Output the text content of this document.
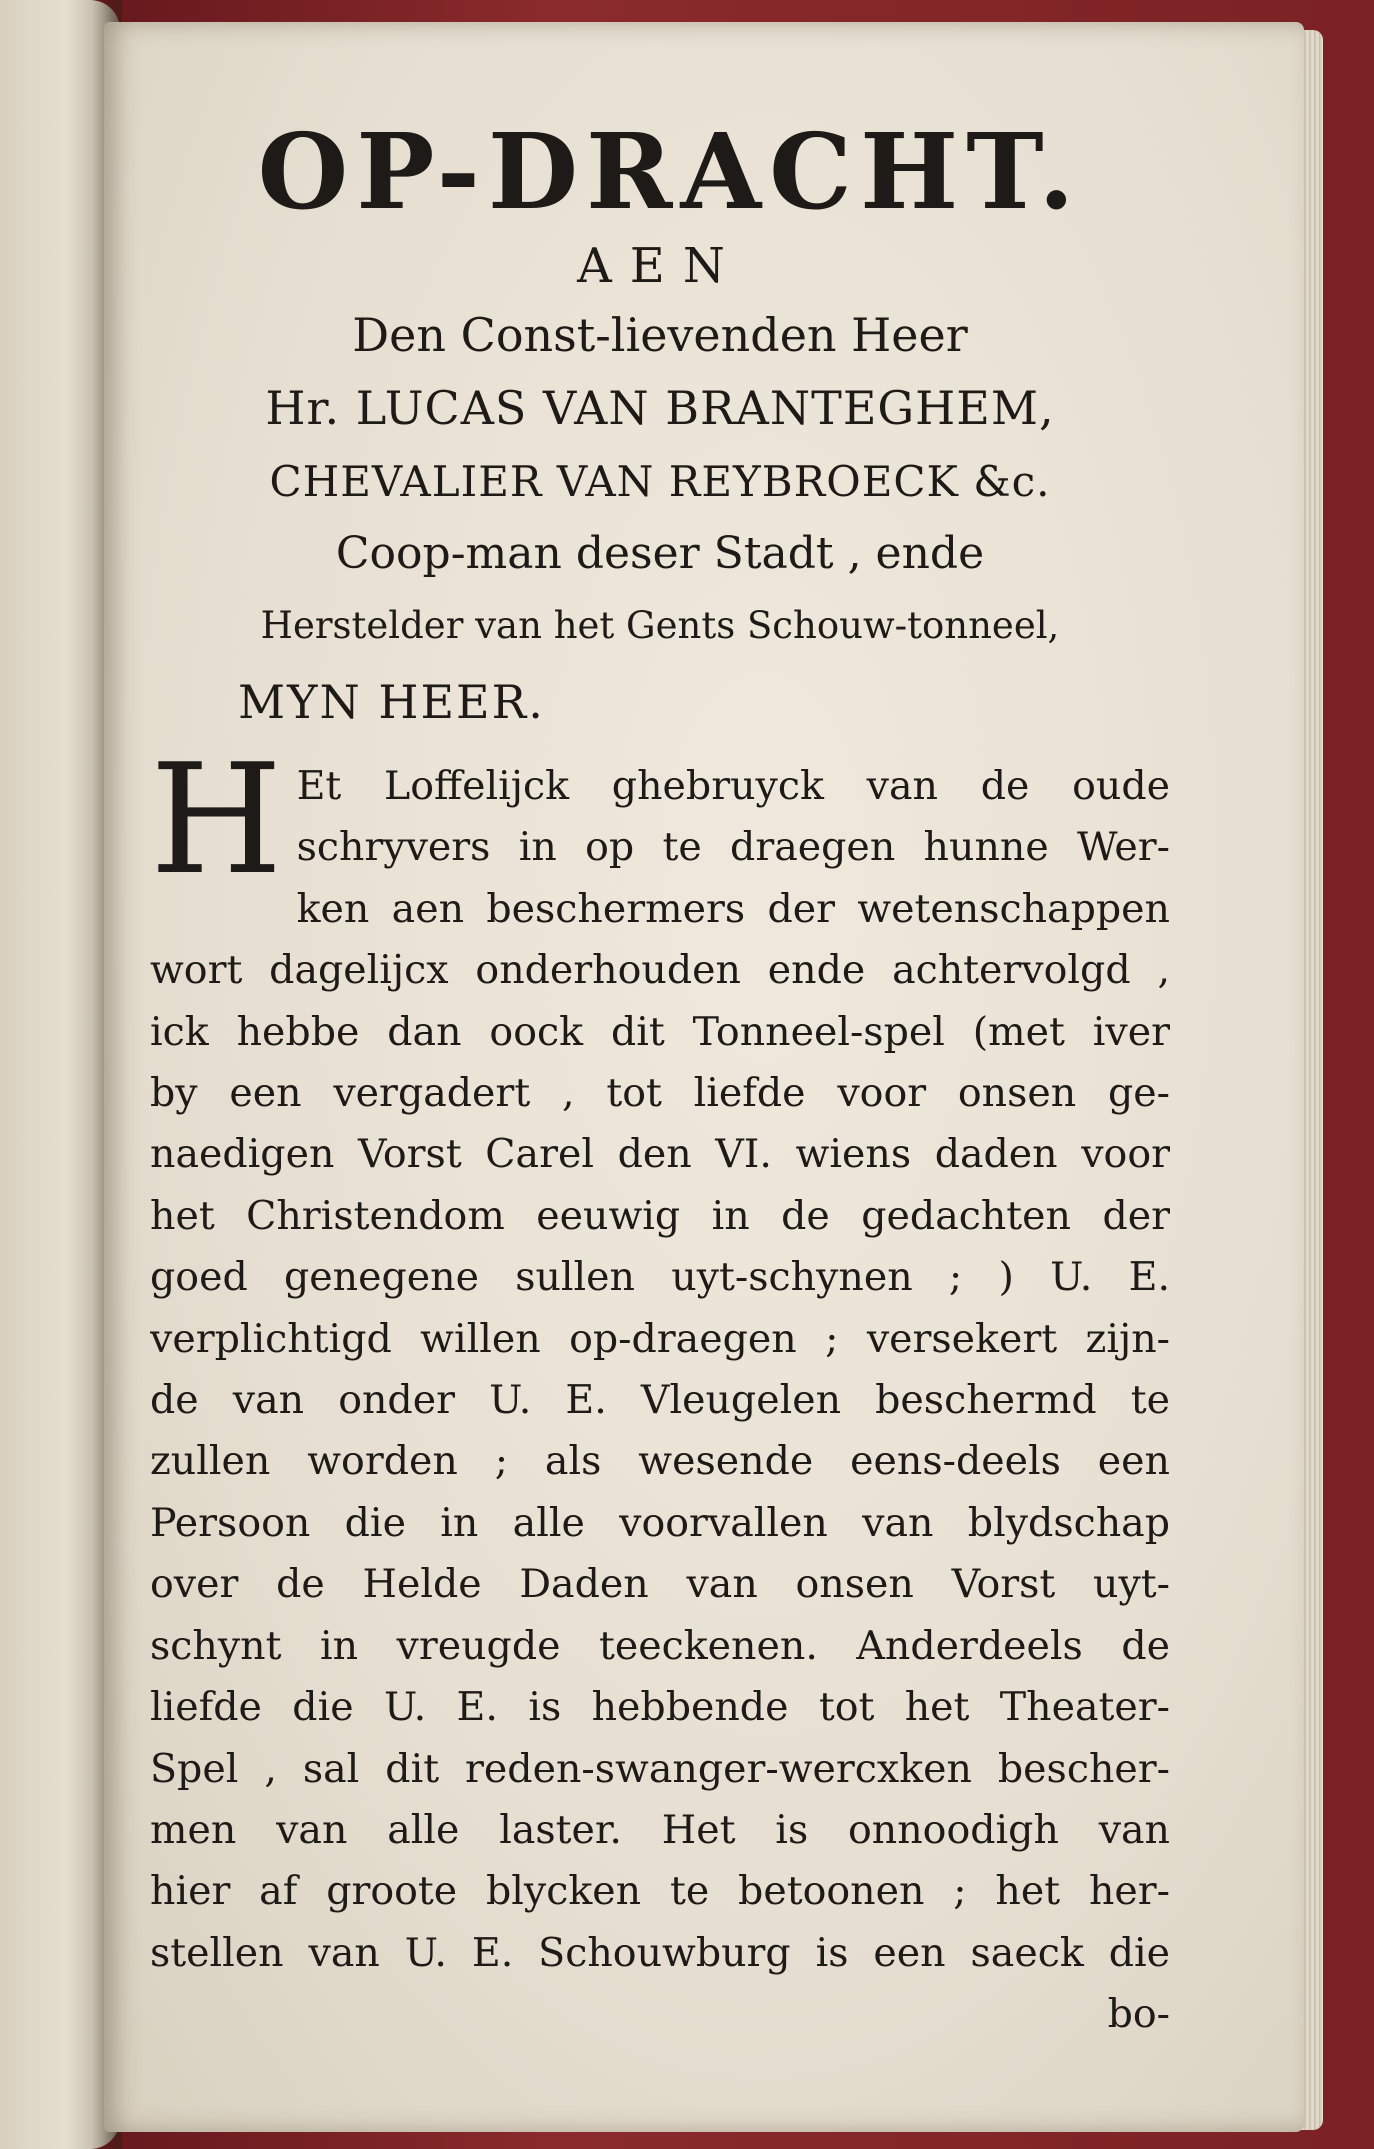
OP-DRACHT.

AEN

Den Const-lievenden Heer

Hr. LUCAS VAN BRANTEGHEM,

CHEVALIER VAN REYBROECK &c.

Coop-man deser Stadt , ende

Herstelder van het Gents Schouw-tonneel,

MYN HEER.

H Et Loffelijck ghebruyck van de oude
schryvers in op te draegen hunne Wer-
ken aen beschermers der wetenschappen
wort dagelijcx onderhouden ende achtervolgd ,
ick hebbe dan oock dit Tonneel-spel (met iver
by een vergadert , tot liefde voor onsen ge-
naedigen Vorst Carel den VI. wiens daden voor
het Christendom eeuwig in de gedachten der
goed genegene sullen uyt-schynen ; ) U. E.
verplichtigd willen op-draegen ; versekert zijn-
de van onder U. E. Vleugelen beschermd te
zullen worden ; als wesende eens-deels een
Persoon die in alle voorvallen van blydschap
over de Helde Daden van onsen Vorst uyt-
schynt in vreugde teeckenen. Anderdeels de
liefde die U. E. is hebbende tot het Theater-
Spel , sal dit reden-swanger-wercxken bescher-
men van alle laster. Het is onnoodigh van
hier af groote blycken te betoonen ; het her-
stellen van U. E. Schouwburg is een saeck die
bo-
